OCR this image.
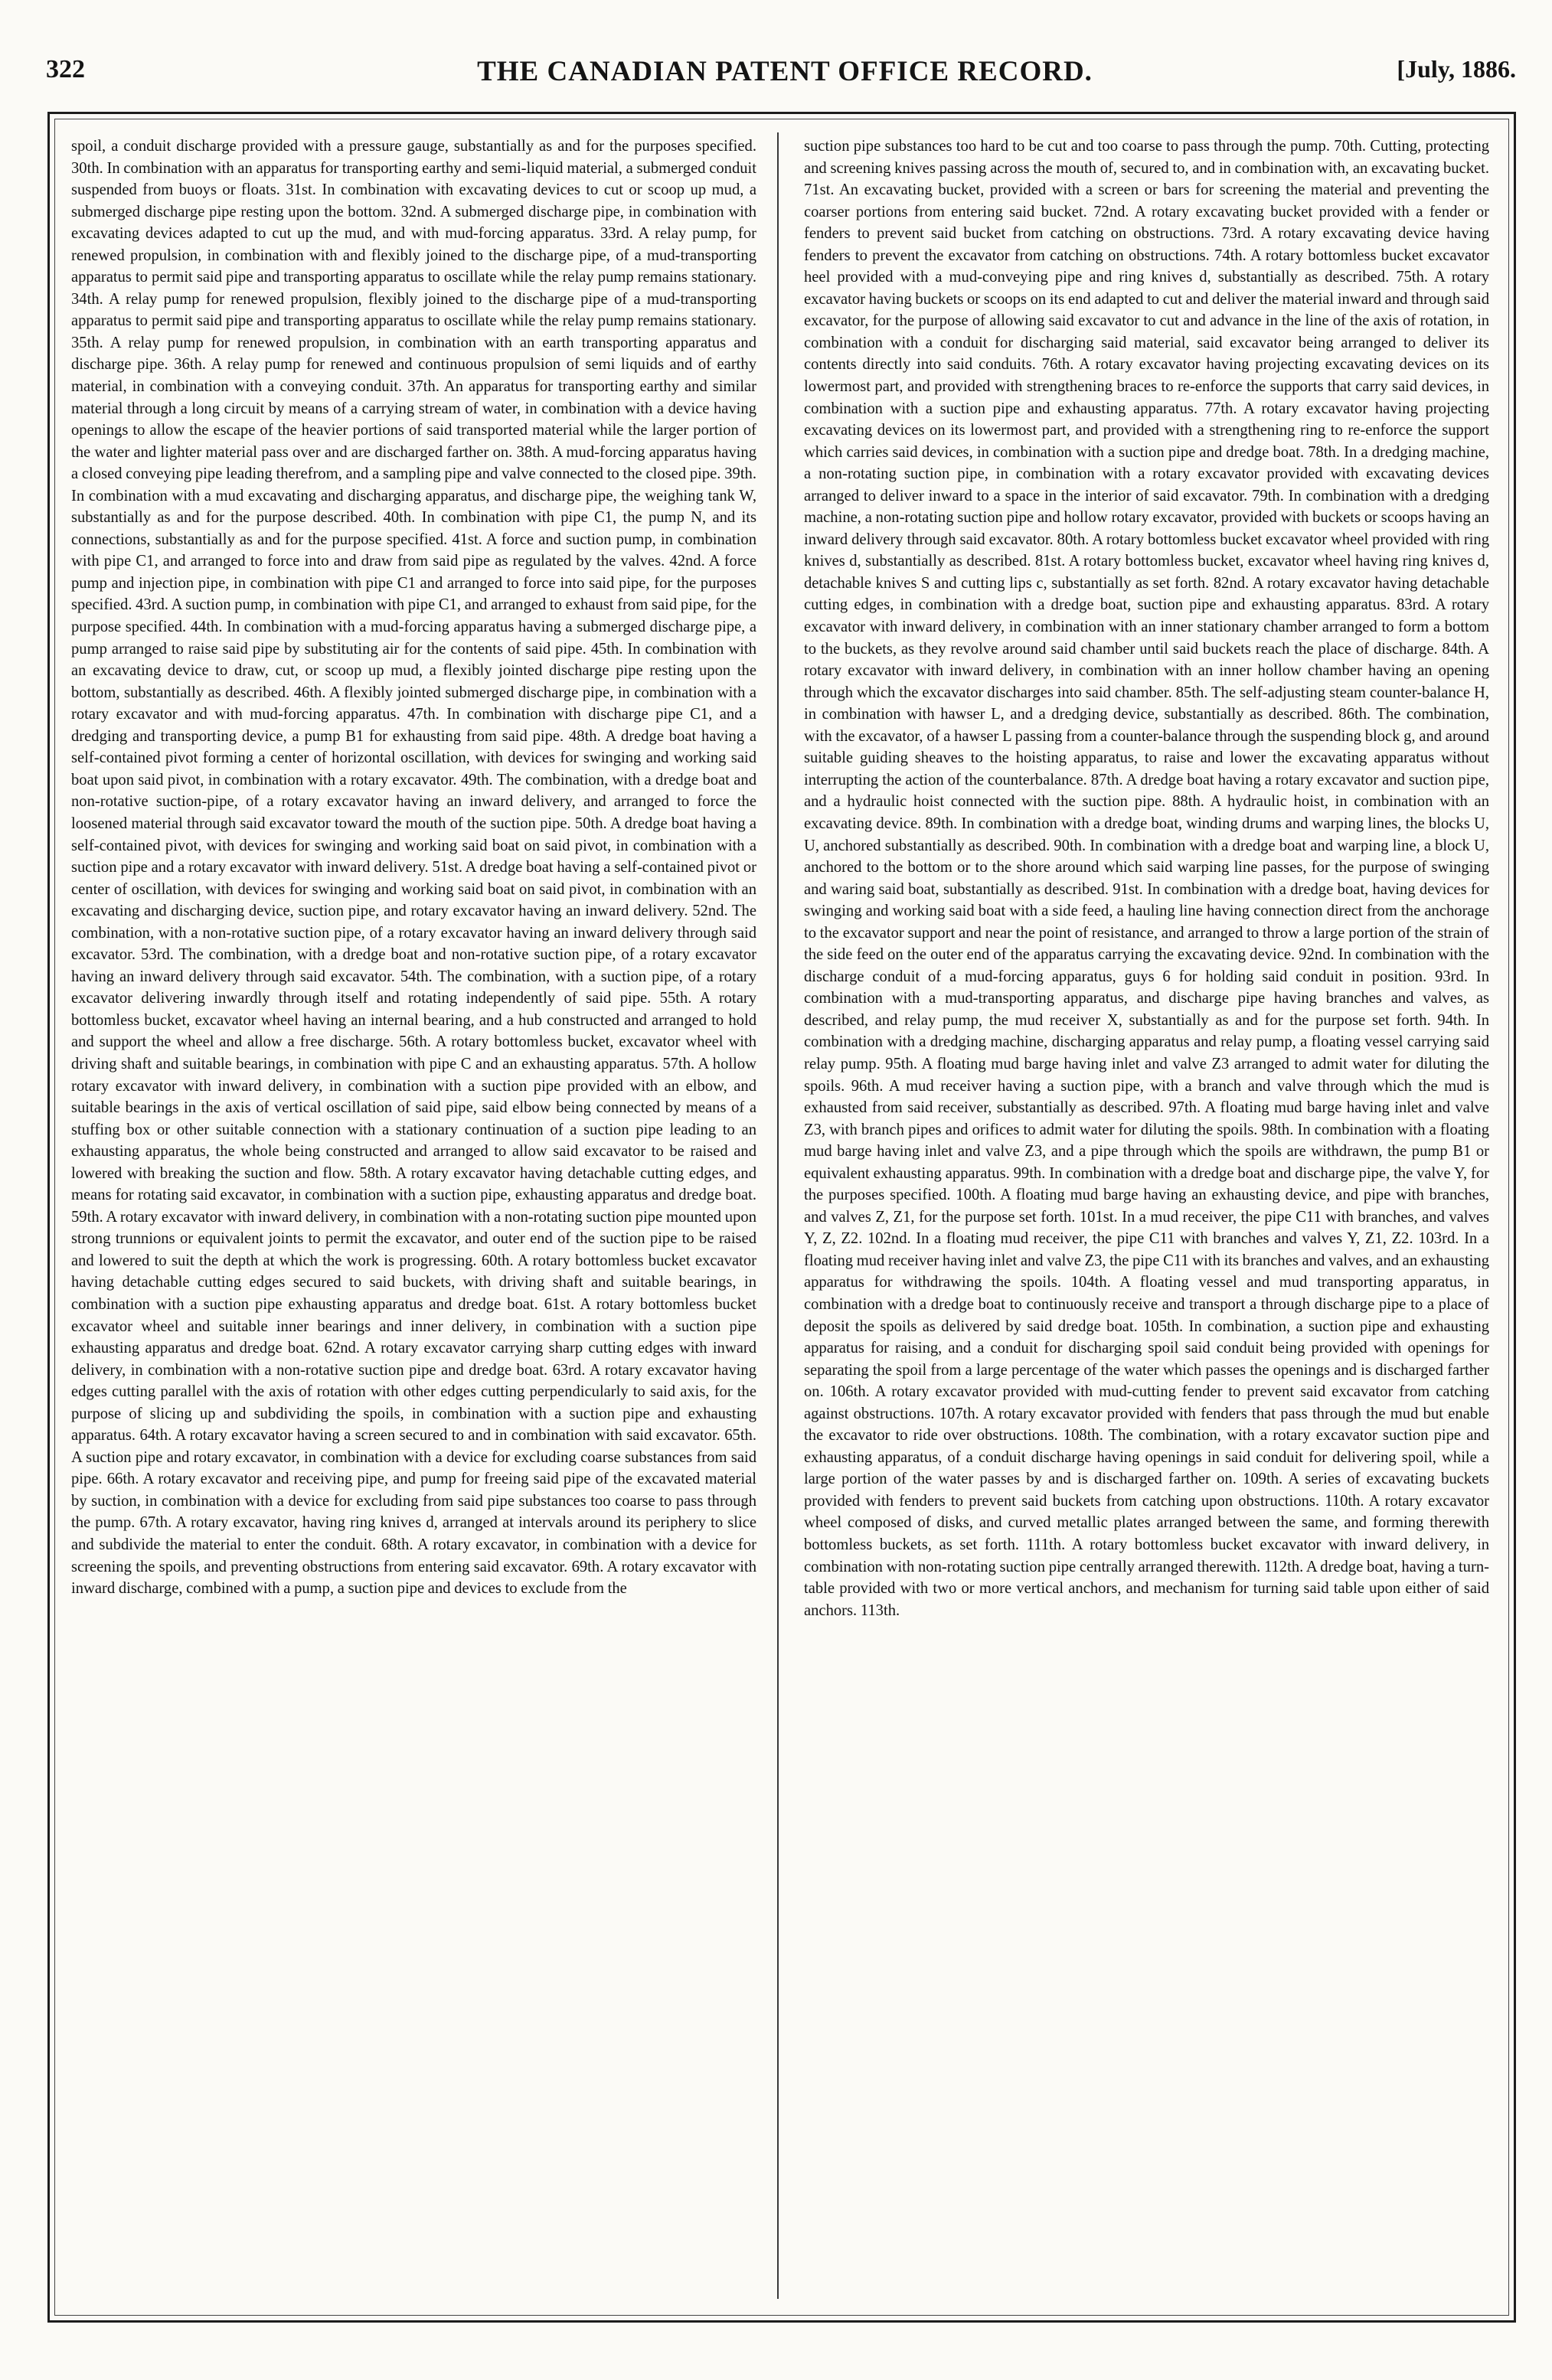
322	THE CANADIAN PATENT OFFICE RECORD.	[July, 1886.

spoil, a conduit discharge provided with a pressure gauge, substantially as and for the purposes specified. 30th. In combination with an apparatus for transporting earthy and semi-liquid material, a submerged conduit suspended from buoys or floats. 31st. In combination with excavating devices to cut or scoop up mud, a submerged discharge pipe resting upon the bottom. 32nd. A submerged discharge pipe, in combination with excavating devices adapted to cut up the mud, and with mud-forcing apparatus. 33rd. A relay pump, for renewed propulsion, in combination with and flexibly joined to the discharge pipe, of a mud-transporting apparatus to permit said pipe and transporting apparatus to oscillate while the relay pump remains stationary. 34th. A relay pump for renewed propulsion, flexibly joined to the discharge pipe of a mud-transporting apparatus to permit said pipe and transporting apparatus to oscillate while the relay pump remains stationary. 35th. A relay pump for renewed propulsion, in combination with an earth transporting apparatus and discharge pipe. 36th. A relay pump for renewed and continuous propulsion of semi liquids and of earthy material, in combination with a conveying conduit. 37th. An apparatus for transporting earthy and similar material through a long circuit by means of a carrying stream of water, in combination with a device having openings to allow the escape of the heavier portions of said transported material while the larger portion of the water and lighter material pass over and are discharged farther on. 38th. A mud-forcing apparatus having a closed conveying pipe leading therefrom, and a sampling pipe and valve connected to the closed pipe. 39th. In combination with a mud excavating and discharging apparatus, and discharge pipe, the weighing tank W, substantially as and for the purpose described. 40th. In combination with pipe C1, the pump N, and its connections, substantially as and for the purpose specified. 41st. A force and suction pump, in combination with pipe C1, and arranged to force into and draw from said pipe as regulated by the valves. 42nd. A force pump and injection pipe, in combination with pipe C1 and arranged to force into said pipe, for the purposes specified. 43rd. A suction pump, in combination with pipe C1, and arranged to exhaust from said pipe, for the purpose specified. 44th. In combination with a mud-forcing apparatus having a submerged discharge pipe, a pump arranged to raise said pipe by substituting air for the contents of said pipe. 45th. In combination with an excavating device to draw, cut, or scoop up mud, a flexibly jointed discharge pipe resting upon the bottom, substantially as described. 46th. A flexibly jointed submerged discharge pipe, in combination with a rotary excavator and with mud-forcing apparatus. 47th. In combination with discharge pipe C1, and a dredging and transporting device, a pump B1 for exhausting from said pipe. 48th. A dredge boat having a self-contained pivot forming a center of horizontal oscillation, with devices for swinging and working said boat upon said pivot, in combination with a rotary excavator. 49th. The combination, with a dredge boat and non-rotative suction-pipe, of a rotary excavator having an inward delivery, and arranged to force the loosened material through said excavator toward the mouth of the suction pipe. 50th. A dredge boat having a self-contained pivot, with devices for swinging and working said boat on said pivot, in combination with a suction pipe and a rotary excavator with inward delivery. 51st. A dredge boat having a self-contained pivot or center of oscillation, with devices for swinging and working said boat on said pivot, in combination with an excavating and discharging device, suction pipe, and rotary excavator having an inward delivery. 52nd. The combination, with a non-rotative suction pipe, of a rotary excavator having an inward delivery through said excavator. 53rd. The combination, with a dredge boat and non-rotative suction pipe, of a rotary excavator having an inward delivery through said excavator. 54th. The combination, with a suction pipe, of a rotary excavator delivering inwardly through itself and rotating independently of said pipe. 55th. A rotary bottomless bucket, excavator wheel having an internal bearing, and a hub constructed and arranged to hold and support the wheel and allow a free discharge. 56th. A rotary bottomless bucket, excavator wheel with driving shaft and suitable bearings, in combination with pipe C and an exhausting apparatus. 57th. A hollow rotary excavator with inward delivery, in combination with a suction pipe provided with an elbow, and suitable bearings in the axis of vertical oscillation of said pipe, said elbow being connected by means of a stuffing box or other suitable connection with a stationary continuation of a suction pipe leading to an exhausting apparatus, the whole being constructed and arranged to allow said excavator to be raised and lowered with breaking the suction and flow. 58th. A rotary excavator having detachable cutting edges, and means for rotating said excavator, in combination with a suction pipe, exhausting apparatus and dredge boat. 59th. A rotary excavator with inward delivery, in combination with a non-rotating suction pipe mounted upon strong trunnions or equivalent joints to permit the excavator, and outer end of the suction pipe to be raised and lowered to suit the depth at which the work is progressing. 60th. A rotary bottomless bucket excavator having detachable cutting edges secured to said buckets, with driving shaft and suitable bearings, in combination with a suction pipe exhausting apparatus and dredge boat. 61st. A rotary bottomless bucket excavator wheel and suitable inner bearings and inner delivery, in combination with a suction pipe exhausting apparatus and dredge boat. 62nd. A rotary excavator carrying sharp cutting edges with inward delivery, in combination with a non-rotative suction pipe and dredge boat. 63rd. A rotary excavator having edges cutting parallel with the axis of rotation with other edges cutting perpendicularly to said axis, for the purpose of slicing up and subdividing the spoils, in combination with a suction pipe and exhausting apparatus. 64th. A rotary excavator having a screen secured to and in combination with said excavator. 65th. A suction pipe and rotary excavator, in combination with a device for excluding coarse substances from said pipe. 66th. A rotary excavator and receiving pipe, and pump for freeing said pipe of the excavated material by suction, in combination with a device for excluding from said pipe substances too coarse to pass through the pump. 67th. A rotary excavator, having ring knives d, arranged at intervals around its periphery to slice and subdivide the material to enter the conduit. 68th. A rotary excavator, in combination with a device for screening the spoils, and preventing obstructions from entering said excavator. 69th. A rotary excavator with inward discharge, combined with a pump, a suction pipe and devices to exclude from the

suction pipe substances too hard to be cut and too coarse to pass through the pump. 70th. Cutting, protecting and screening knives passing across the mouth of, secured to, and in combination with, an excavating bucket. 71st. An excavating bucket, provided with a screen or bars for screening the material and preventing the coarser portions from entering said bucket. 72nd. A rotary excavating bucket provided with a fender or fenders to prevent said bucket from catching on obstructions. 73rd. A rotary excavating device having fenders to prevent the excavator from catching on obstructions. 74th. A rotary bottomless bucket excavator heel provided with a mud-conveying pipe and ring knives d, substantially as described. 75th. A rotary excavator having buckets or scoops on its end adapted to cut and deliver the material inward and through said excavator, for the purpose of allowing said excavator to cut and advance in the line of the axis of rotation, in combination with a conduit for discharging said material, said excavator being arranged to deliver its contents directly into said conduits. 76th. A rotary excavator having projecting excavating devices on its lowermost part, and provided with strengthening braces to re-enforce the supports that carry said devices, in combination with a suction pipe and exhausting apparatus. 77th. A rotary excavator having projecting excavating devices on its lowermost part, and provided with a strengthening ring to re-enforce the support which carries said devices, in combination with a suction pipe and dredge boat. 78th. In a dredging machine, a non-rotating suction pipe, in combination with a rotary excavator provided with excavating devices arranged to deliver inward to a space in the interior of said excavator. 79th. In combination with a dredging machine, a non-rotating suction pipe and hollow rotary excavator, provided with buckets or scoops having an inward delivery through said excavator. 80th. A rotary bottomless bucket excavator wheel provided with ring knives d, substantially as described. 81st. A rotary bottomless bucket, excavator wheel having ring knives d, detachable knives S and cutting lips c, substantially as set forth. 82nd. A rotary excavator having detachable cutting edges, in combination with a dredge boat, suction pipe and exhausting apparatus. 83rd. A rotary excavator with inward delivery, in combination with an inner stationary chamber arranged to form a bottom to the buckets, as they revolve around said chamber until said buckets reach the place of discharge. 84th. A rotary excavator with inward delivery, in combination with an inner hollow chamber having an opening through which the excavator discharges into said chamber. 85th. The self-adjusting steam counter-balance H, in combination with hawser L, and a dredging device, substantially as described. 86th. The combination, with the excavator, of a hawser L passing from a counter-balance through the suspending block g, and around suitable guiding sheaves to the hoisting apparatus, to raise and lower the excavating apparatus without interrupting the action of the counterbalance. 87th. A dredge boat having a rotary excavator and suction pipe, and a hydraulic hoist connected with the suction pipe. 88th. A hydraulic hoist, in combination with an excavating device. 89th. In combination with a dredge boat, winding drums and warping lines, the blocks U, U, anchored substantially as described. 90th. In combination with a dredge boat and warping line, a block U, anchored to the bottom or to the shore around which said warping line passes, for the purpose of swinging and waring said boat, substantially as described. 91st. In combination with a dredge boat, having devices for swinging and working said boat with a side feed, a hauling line having connection direct from the anchorage to the excavator support and near the point of resistance, and arranged to throw a large portion of the strain of the side feed on the outer end of the apparatus carrying the excavating device. 92nd. In combination with the discharge conduit of a mud-forcing apparatus, guys 6 for holding said conduit in position. 93rd. In combination with a mud-transporting apparatus, and discharge pipe having branches and valves, as described, and relay pump, the mud receiver X, substantially as and for the purpose set forth. 94th. In combination with a dredging machine, discharging apparatus and relay pump, a floating vessel carrying said relay pump. 95th. A floating mud barge having inlet and valve Z3 arranged to admit water for diluting the spoils. 96th. A mud receiver having a suction pipe, with a branch and valve through which the mud is exhausted from said receiver, substantially as described. 97th. A floating mud barge having inlet and valve Z3, with branch pipes and orifices to admit water for diluting the spoils. 98th. In combination with a floating mud barge having inlet and valve Z3, and a pipe through which the spoils are withdrawn, the pump B1 or equivalent exhausting apparatus. 99th. In combination with a dredge boat and discharge pipe, the valve Y, for the purposes specified. 100th. A floating mud barge having an exhausting device, and pipe with branches, and valves Z, Z1, for the purpose set forth. 101st. In a mud receiver, the pipe C11 with branches, and valves Y, Z, Z2. 102nd. In a floating mud receiver, the pipe C11 with branches and valves Y, Z1, Z2. 103rd. In a floating mud receiver having inlet and valve Z3, the pipe C11 with its branches and valves, and an exhausting apparatus for withdrawing the spoils. 104th. A floating vessel and mud transporting apparatus, in combination with a dredge boat to continuously receive and transport a through discharge pipe to a place of deposit the spoils as delivered by said dredge boat. 105th. In combination, a suction pipe and exhausting apparatus for raising, and a conduit for discharging spoil said conduit being provided with openings for separating the spoil from a large percentage of the water which passes the openings and is discharged farther on. 106th. A rotary excavator provided with mud-cutting fender to prevent said excavator from catching against obstructions. 107th. A rotary excavator provided with fenders that pass through the mud but enable the excavator to ride over obstructions. 108th. The combination, with a rotary excavator suction pipe and exhausting apparatus, of a conduit discharge having openings in said conduit for delivering spoil, while a large portion of the water passes by and is discharged farther on. 109th. A series of excavating buckets provided with fenders to prevent said buckets from catching upon obstructions. 110th. A rotary excavator wheel composed of disks, and curved metallic plates arranged between the same, and forming therewith bottomless buckets, as set forth. 111th. A rotary bottomless bucket excavator with inward delivery, in combination with non-rotating suction pipe centrally arranged therewith. 112th. A dredge boat, having a turn-table provided with two or more vertical anchors, and mechanism for turning said table upon either of said anchors. 113th.
